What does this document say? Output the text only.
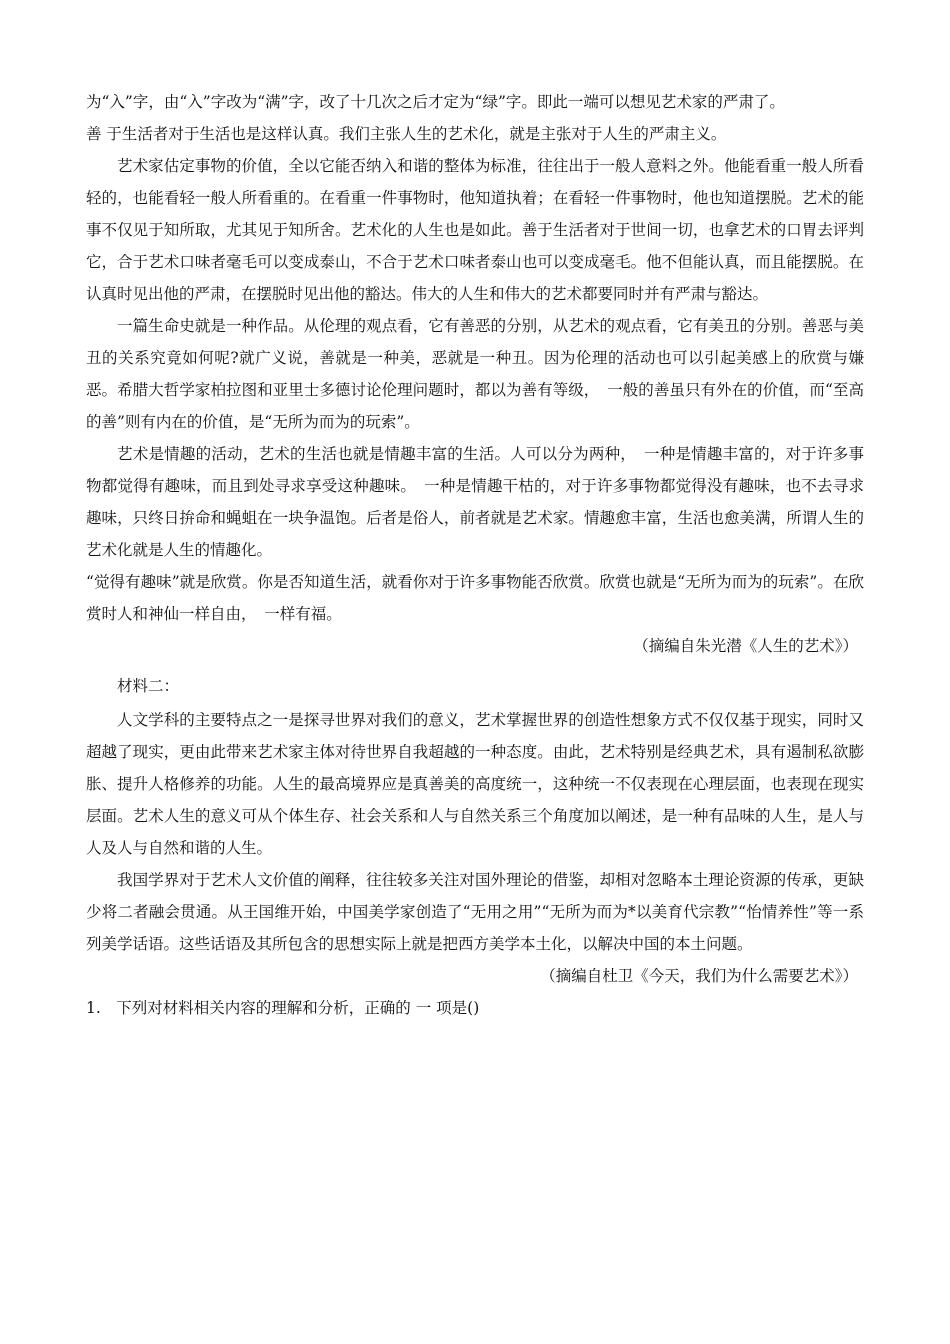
为“入”字，由“入”字改为“满”字，改了十几次之后才定为“绿”字。即此一端可以想见艺术家的严肃了。

善 于生活者对于生活也是这样认真。我们主张人生的艺术化，就是主张对于人生的严肃主义。

艺术家估定事物的价值，全以它能否纳入和谐的整体为标准，往往出于一般人意料之外。他能看重一般人所看轻的，也能看轻一般人所看重的。在看重一件事物时，他知道执着；在看轻一件事物时，他也知道摆脱。艺术的能事不仅见于知所取，尤其见于知所舍。艺术化的人生也是如此。善于生活者对于世间一切，也拿艺术的口胃去评判它，合于艺术口味者毫毛可以变成泰山，不合于艺术口味者泰山也可以变成毫毛。他不但能认真，而且能摆脱。在认真时见出他的严肃，在摆脱时见出他的豁达。伟大的人生和伟大的艺术都要同时并有严肃与豁达。

一篇生命史就是一种作品。从伦理的观点看，它有善恶的分别，从艺术的观点看，它有美丑的分别。善恶与美丑的关系究竟如何呢?就广义说，善就是一种美，恶就是一种丑。因为伦理的活动也可以引起美感上的欣赏与嫌恶。希腊大哲学家柏拉图和亚里士多德讨论伦理问题时，都以为善有等级，　一般的善虽只有外在的价值，而“至高的善”则有内在的价值，是“无所为而为的玩索”。

艺术是情趣的活动，艺术的生活也就是情趣丰富的生活。人可以分为两种，　一种是情趣丰富的，对于许多事物都觉得有趣味，而且到处寻求享受这种趣味。　一种是情趣干枯的，对于许多事物都觉得没有趣味，也不去寻求趣味，只终日拚命和蝇蛆在一块争温饱。后者是俗人，前者就是艺术家。情趣愈丰富，生活也愈美满，所谓人生的艺术化就是人生的情趣化。

“觉得有趣味”就是欣赏。你是否知道生活，就看你对于许多事物能否欣赏。欣赏也就是“无所为而为的玩索”。在欣赏时人和神仙一样自由，　一样有福。

（摘编自朱光潜《人生的艺术》）

材料二：

人文学科的主要特点之一是探寻世界对我们的意义，艺术掌握世界的创造性想象方式不仅仅基于现实，同时又超越了现实，更由此带来艺术家主体对待世界自我超越的一种态度。由此，艺术特别是经典艺术，具有遏制私欲膨胀、提升人格修养的功能。人生的最高境界应是真善美的高度统一，这种统一不仅表现在心理层面，也表现在现实层面。艺术人生的意义可从个体生存、社会关系和人与自然关系三个角度加以阐述，是一种有品味的人生，是人与人及人与自然和谐的人生。

我国学界对于艺术人文价值的阐释，往往较多关注对国外理论的借鉴，却相对忽略本土理论资源的传承，更缺少将二者融会贯通。从王国维开始，中国美学家创造了“无用之用”“无所为而为*以美育代宗教”“怡情养性”等一系列美学话语。这些话语及其所包含的思想实际上就是把西方美学本土化，以解决中国的本土问题。

（摘编自杜卫《今天，我们为什么需要艺术》）

1.　下列对材料相关内容的理解和分析，正确的 一 项是()
